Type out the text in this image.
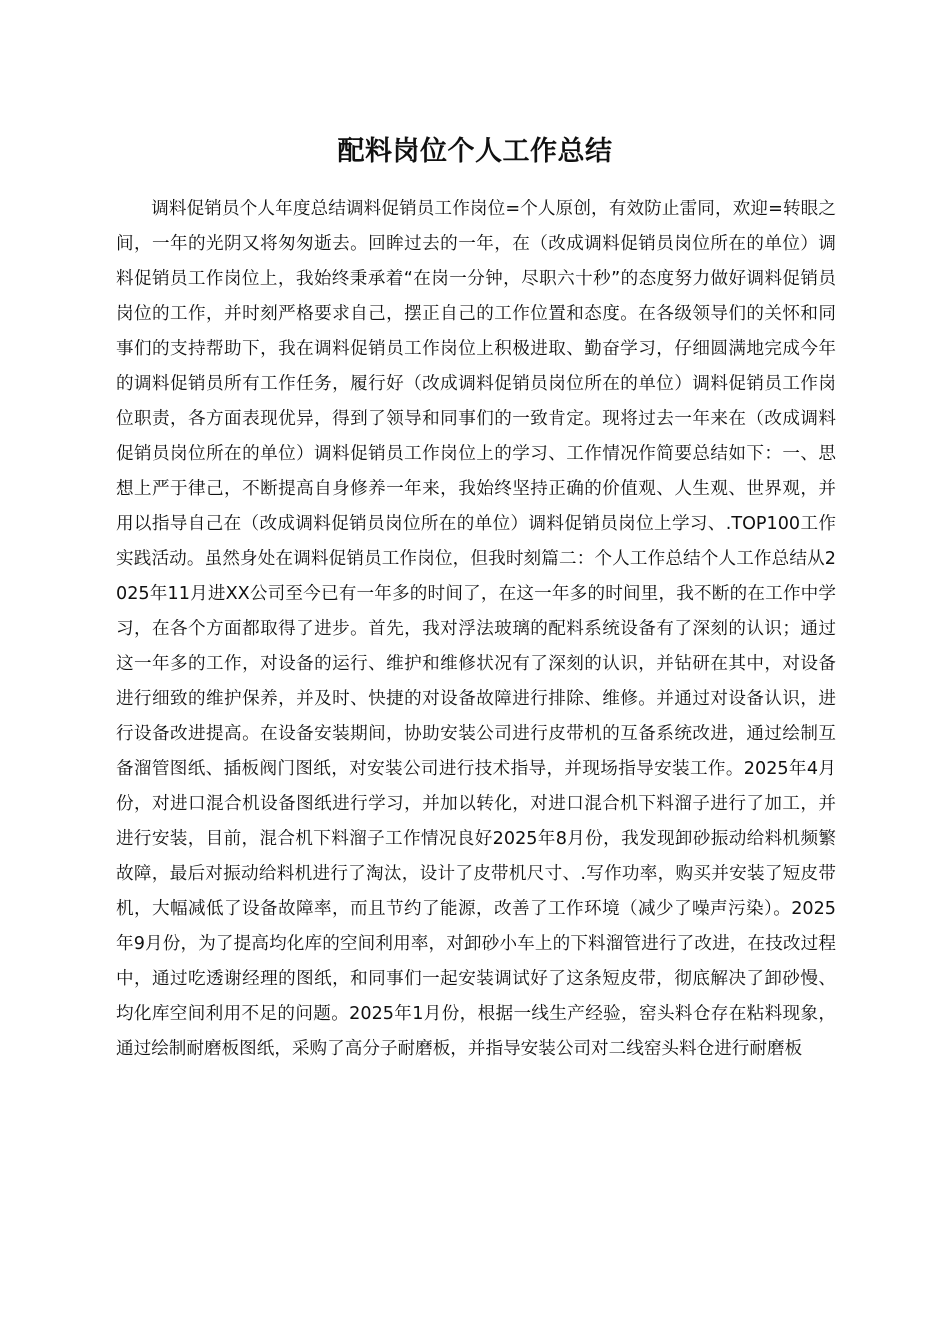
配料岗位个人工作总结

调料促销员个人年度总结调料促销员工作岗位=个人原创，有效防止雷同，欢迎=转眼之间，一年的光阴又将匆匆逝去。回眸过去的一年，在（改成调料促销员岗位所在的单位）调料促销员工作岗位上，我始终秉承着“在岗一分钟，尽职六十秒”的态度努力做好调料促销员岗位的工作，并时刻严格要求自己，摆正自己的工作位置和态度。在各级领导们的关怀和同事们的支持帮助下，我在调料促销员工作岗位上积极进取、勤奋学习，仔细圆满地完成今年的调料促销员所有工作任务，履行好（改成调料促销员岗位所在的单位）调料促销员工作岗位职责，各方面表现优异，得到了领导和同事们的一致肯定。现将过去一年来在（改成调料促销员岗位所在的单位）调料促销员工作岗位上的学习、工作情况作简要总结如下：一、思想上严于律己，不断提高自身修养一年来，我始终坚持正确的价值观、人生观、世界观，并用以指导自己在（改成调料促销员岗位所在的单位）调料促销员岗位上学习、.TOP100工作实践活动。虽然身处在调料促销员工作岗位，但我时刻篇二：个人工作总结个人工作总结从2025年11月进XX公司至今已有一年多的时间了，在这一年多的时间里，我不断的在工作中学习，在各个方面都取得了进步。首先，我对浮法玻璃的配料系统设备有了深刻的认识；通过这一年多的工作，对设备的运行、维护和维修状况有了深刻的认识，并钻研在其中，对设备进行细致的维护保养，并及时、快捷的对设备故障进行排除、维修。并通过对设备认识，进行设备改进提高。在设备安装期间，协助安装公司进行皮带机的互备系统改进，通过绘制互备溜管图纸、插板阀门图纸，对安装公司进行技术指导，并现场指导安装工作。2025年4月份，对进口混合机设备图纸进行学习，并加以转化，对进口混合机下料溜子进行了加工，并进行安装，目前，混合机下料溜子工作情况良好2025年8月份，我发现卸砂振动给料机频繁故障，最后对振动给料机进行了淘汰，设计了皮带机尺寸、.写作功率，购买并安装了短皮带机，大幅减低了设备故障率，而且节约了能源，改善了工作环境（减少了噪声污染）。2025年9月份，为了提高均化库的空间利用率，对卸砂小车上的下料溜管进行了改进，在技改过程中，通过吃透谢经理的图纸，和同事们一起安装调试好了这条短皮带，彻底解决了卸砂慢、均化库空间利用不足的问题。2025年1月份，根据一线生产经验，窑头料仓存在粘料现象，通过绘制耐磨板图纸，采购了高分子耐磨板，并指导安装公司对二线窑头料仓进行耐磨板
